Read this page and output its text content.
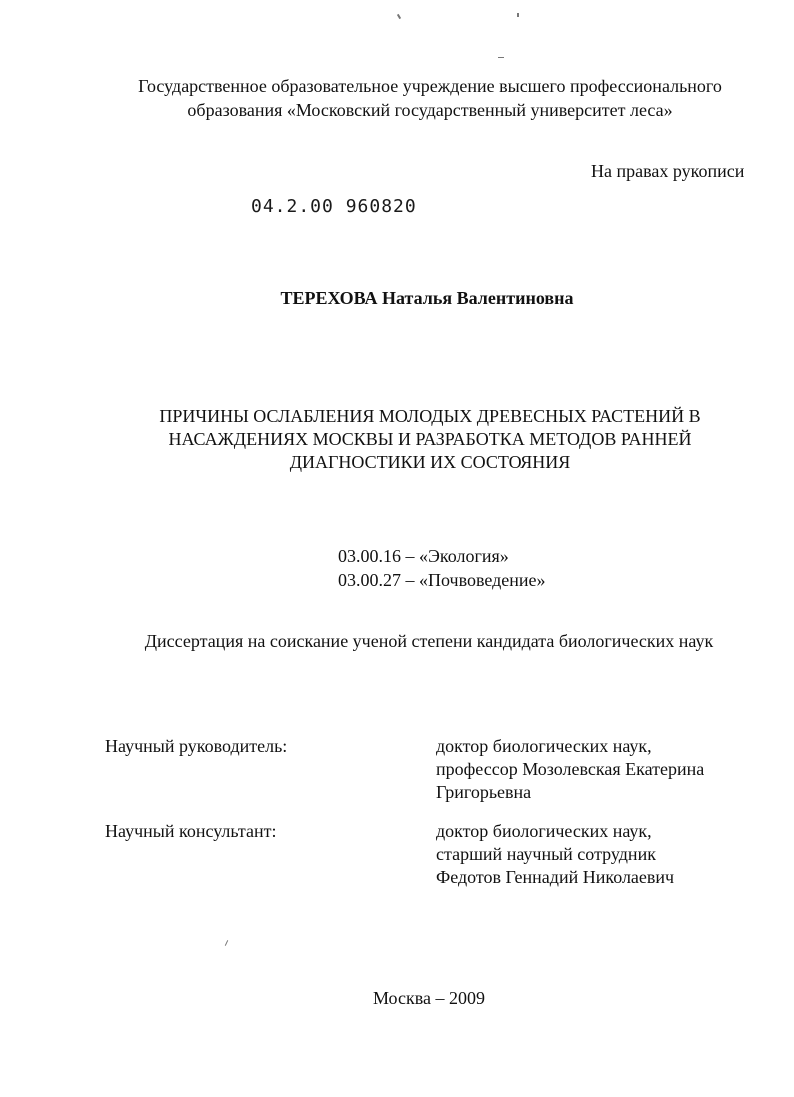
Государственное образовательное учреждение высшего профессионального
образования «Московский государственный университет леса»
На правах рукописи
04.2.00 960820
ТЕРЕХОВА Наталья Валентиновна
ПРИЧИНЫ ОСЛАБЛЕНИЯ МОЛОДЫХ ДРЕВЕСНЫХ РАСТЕНИЙ В
НАСАЖДЕНИЯХ МОСКВЫ И РАЗРАБОТКА МЕТОДОВ РАННЕЙ
ДИАГНОСТИКИ ИХ СОСТОЯНИЯ
03.00.16 – «Экология»
03.00.27 – «Почвоведение»
Диссертация на соискание ученой степени кандидата биологических наук
Научный руководитель:	доктор биологических наук,
профессор Мозолевская Екатерина
Григорьевна
Научный консультант:	доктор биологических наук,
старший научный сотрудник
Федотов Геннадий Николаевич
Москва – 2009
